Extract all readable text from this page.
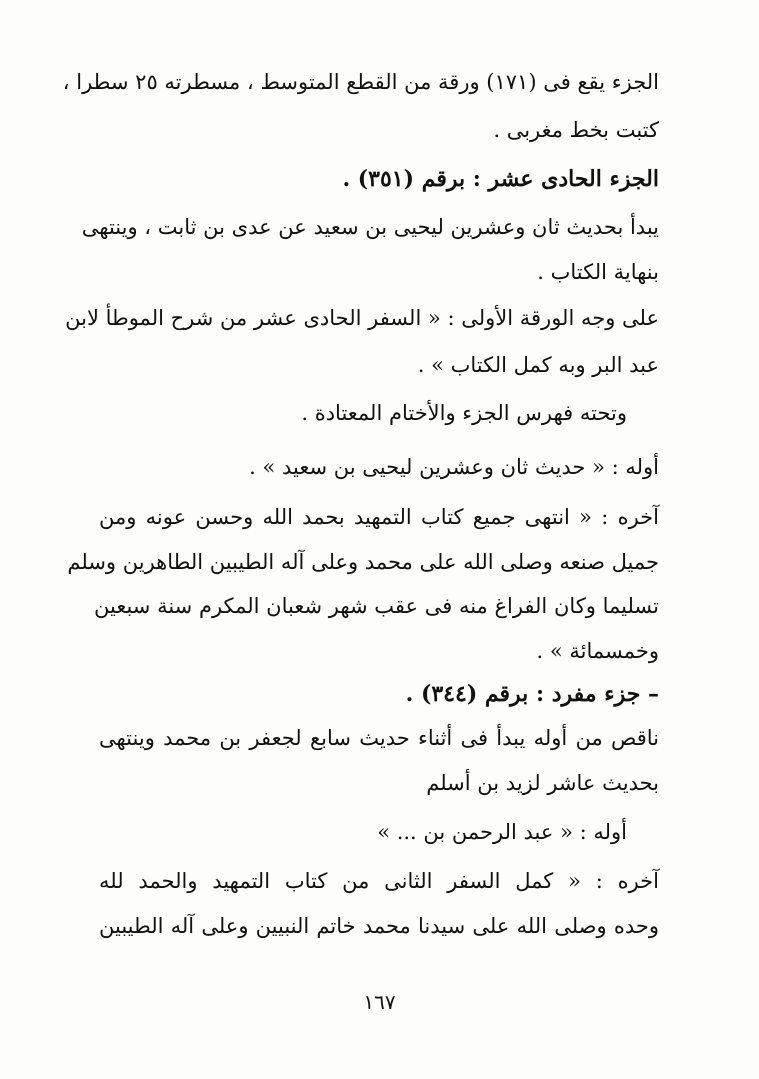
الجزء يقع فى (١٧١) ورقة من القطع المتوسط ، مسطرته ٢٥ سطرا ،
كتبت بخط مغربى .
الجزء الحادى عشر : برقم (٣٥١) .
يبدأ بحديث ثان وعشرين ليحيى بن سعيد عن عدى بن ثابت ، وينتهى
بنهاية الكتاب .
على وجه الورقة الأولى : « السفر الحادى عشر من شرح الموطأ لابن
عبد البر وبه كمل الكتاب » .
وتحته فهرس الجزء والأختام المعتادة .
أوله : « حديث ثان وعشرين ليحيى بن سعيد » .
آخره : « انتهى جميع كتاب التمهيد بحمد الله وحسن عونه ومن
جميل صنعه وصلى الله على محمد وعلى آله الطيبين الطاهرين وسلم
تسليما وكان الفراغ منه فى عقب شهر شعبان المكرم سنة سبعين
وخمسمائة » .
– جزء مفرد : برقم (٣٤٤) .
ناقص من أوله يبدأ فى أثناء حديث سابع لجعفر بن محمد وينتهى
بحديث عاشر لزيد بن أسلم
أوله : « عبد الرحمن بن ... »
آخره : « كمل السفر الثانى من كتاب التمهيد والحمد لله
وحده وصلى الله على سيدنا محمد خاتم النبيين وعلى آله الطيبين
١٦٧
